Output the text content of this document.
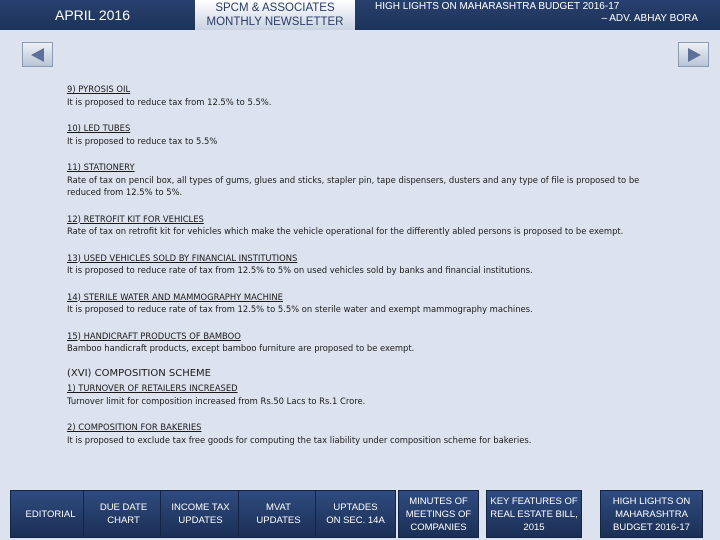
APRIL 2016	SPCM & ASSOCIATES
MONTHLY NEWSLETTER
HIGH LIGHTS ON MAHARASHTRA BUDGET 2016-17
– ADV. ABHAY BORA
9) PYROSIS OIL
It is proposed to reduce tax from 12.5% to 5.5%.
10) LED TUBES
It is proposed to reduce tax to 5.5%
11) STATIONERY
Rate of tax on pencil box, all types of gums, glues and sticks, stapler pin, tape dispensers, dusters and any type of file is proposed to be reduced from 12.5% to 5%.
12) RETROFIT KIT FOR VEHICLES
Rate of tax on retrofit kit for vehicles which make the vehicle operational for the differently abled persons is proposed to be exempt.
13) USED VEHICLES SOLD BY FINANCIAL INSTITUTIONS
It is proposed to reduce rate of tax from 12.5% to 5% on used vehicles sold by banks and financial institutions.
14) STERILE WATER AND MAMMOGRAPHY MACHINE
It is proposed to reduce rate of tax from 12.5% to 5.5% on sterile water and exempt mammography machines.
15) HANDICRAFT PRODUCTS OF BAMBOO
Bamboo handicraft products, except bamboo furniture are proposed to be exempt.
(XVI) COMPOSITION SCHEME
1) TURNOVER OF RETAILERS INCREASED
Turnover limit for composition increased from Rs.50 Lacs to Rs.1 Crore.
2) COMPOSITION FOR BAKERIES
It is proposed to exclude tax free goods for computing the tax liability under composition scheme for bakeries.
EDITORIAL
DUE DATE
CHART
INCOME TAX
UPDATES
MVAT
UPDATES
UPTADES
ON SEC. 14A
MINUTES OF
MEETINGS OF
COMPANIES
KEY FEATURES OF
REAL ESTATE BILL,
2015
HIGH LIGHTS ON
MAHARASHTRA
BUDGET 2016-17
